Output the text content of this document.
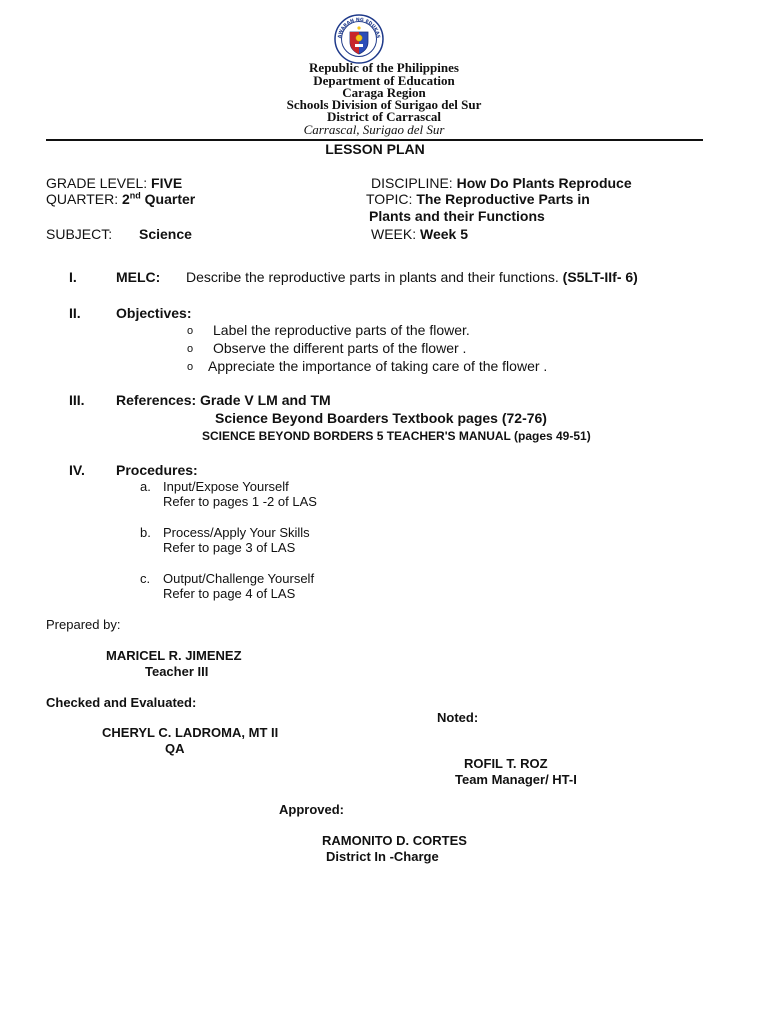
AWARAN NG EDUKAS
Republic of the Philippines
Department of Education
Caraga Region
Schools Division of Surigao del Sur
District of Carrascal
Carrascal, Surigao del Sur
LESSON PLAN
GRADE LEVEL: FIVE
QUARTER: 2nd Quarter
SUBJECT: Science
DISCIPLINE: How Do Plants Reproduce
TOPIC: The Reproductive Parts in
Plants and their Functions
WEEK: Week 5
I.	MELC: Describe the reproductive parts in plants and their functions. (S5LT-IIf- 6)
II.	Objectives:
o Label the reproductive parts of the flower.
o Observe the different parts of the flower .
o Appreciate the importance of taking care of the flower .
III. References: Grade V LM and TM
Science Beyond Boarders Textbook pages (72-76)
SCIENCE BEYOND BORDERS 5 TEACHER'S MANUAL (pages 49-51)
IV. Procedures:
a. Input/Expose Yourself
Refer to pages 1 -2 of LAS
b. Process/Apply Your Skills
Refer to page 3 of LAS
c. Output/Challenge Yourself
Refer to page 4 of LAS
Prepared by:
MARICEL R. JIMENEZ
Teacher III
Checked and Evaluated:
Noted:
CHERYL C. LADROMA, MT II
QA
ROFIL T. ROZ
Team Manager/ HT-I
Approved:
RAMONITO D. CORTES
District In -Charge
